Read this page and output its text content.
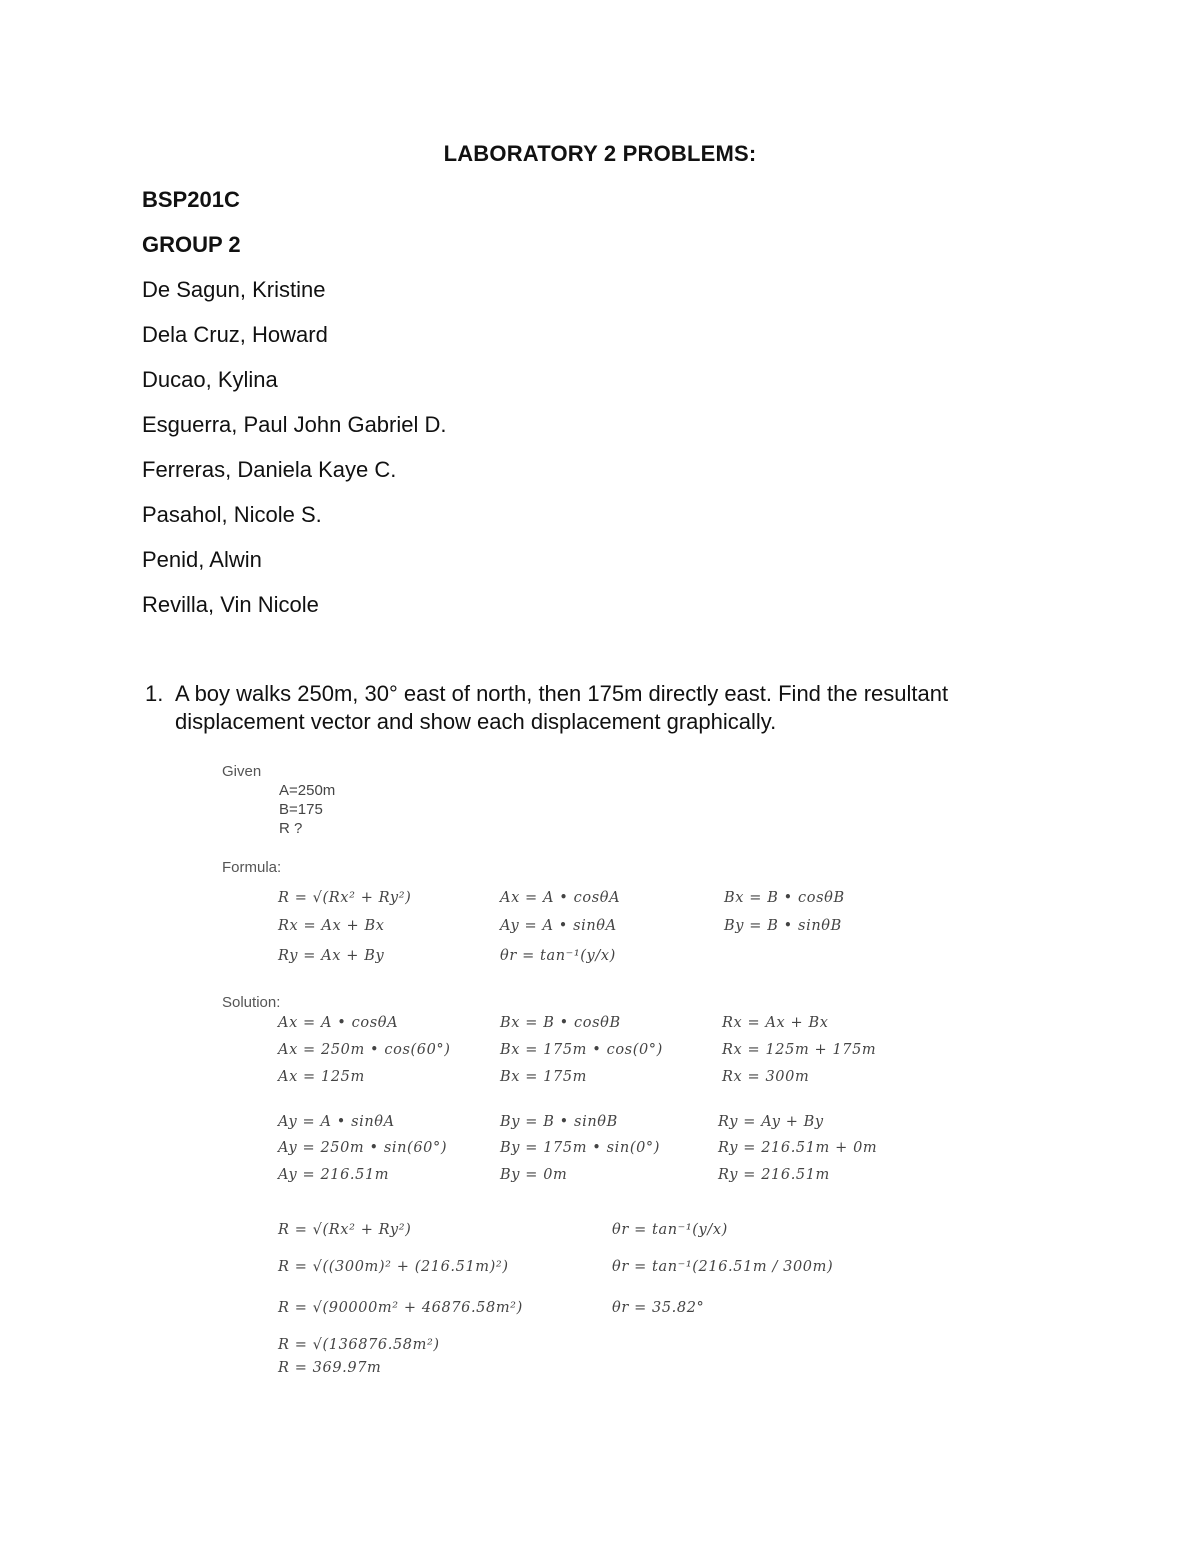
LABORATORY 2 PROBLEMS:
BSP201C
GROUP 2
De Sagun, Kristine
Dela Cruz, Howard
Ducao, Kylina
Esguerra, Paul John Gabriel D.
Ferreras, Daniela Kaye C.
Pasahol, Nicole S.
Penid, Alwin
Revilla, Vin Nicole
1. A boy walks 250m, 30° east of north, then 175m directly east. Find the resultant displacement vector and show each displacement graphically.
Given
A=250m
B=175
R ?
Formula:
R = √(Rx² + Ry²)
Rx = Ax + Bx
Ry = Ax + By
Ax = A • cosθA
Ay = A • sinθA
θr = tan⁻¹(y/x)
Bx = B • cosθB
By = B • sinθB
Solution:
Ax = A • cosθA
Ax = 250m • cos(60°)
Ax = 125m
Bx = B • cosθB
Bx = 175m • cos(0°)
Bx = 175m
Rx = Ax + Bx
Rx = 125m + 175m
Rx = 300m
Ay = A • sinθA
Ay = 250m • sin(60°)
Ay = 216.51m
By = B • sinθB
By = 175m • sin(0°)
By = 0m
Ry = Ay + By
Ry = 216.51m + 0m
Ry = 216.51m
R = √(Rx² + Ry²)
R = √((300m)² + (216.51m)²)
R = √(90000m² + 46876.58m²)
R = √(136876.58m²)
R = 369.97m
θr = tan⁻¹(y/x)
θr = tan⁻¹(216.51m / 300m)
θr = 35.82°
